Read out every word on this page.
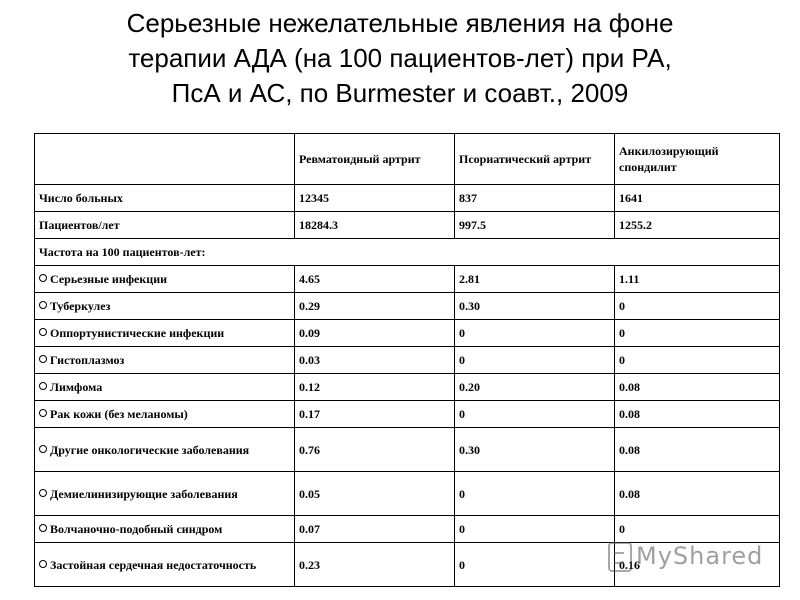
Серьезные нежелательные явления на фоне
терапии АДА (на 100 пациентов-лет) при РА,
ПсА и АС, по Burmester и соавт., 2009
	Ревматоидный артрит	Псориатический артрит	Анкилозирующий спондилит
Число больных	12345	837	1641
Пациентов/лет	18284.3	997.5	1255.2
Частота на 100 пациентов-лет:			
Серьезные инфекции	4.65	2.81	1.11
Туберкулез	0.29	0.30	0
Оппортунистические инфекции	0.09	0	0
Гистоплазмоз	0.03	0	0
Лимфома	0.12	0.20	0.08
Рак кожи (без меланомы)	0.17	0	0.08
Другие онкологические заболевания	0.76	0.30	0.08
Демиелинизирующие заболевания	0.05	0	0.08
Волчаночно-подобный синдром	0.07	0	0
Застойная сердечная недостаточность	0.23	0	0.16
MyShared
